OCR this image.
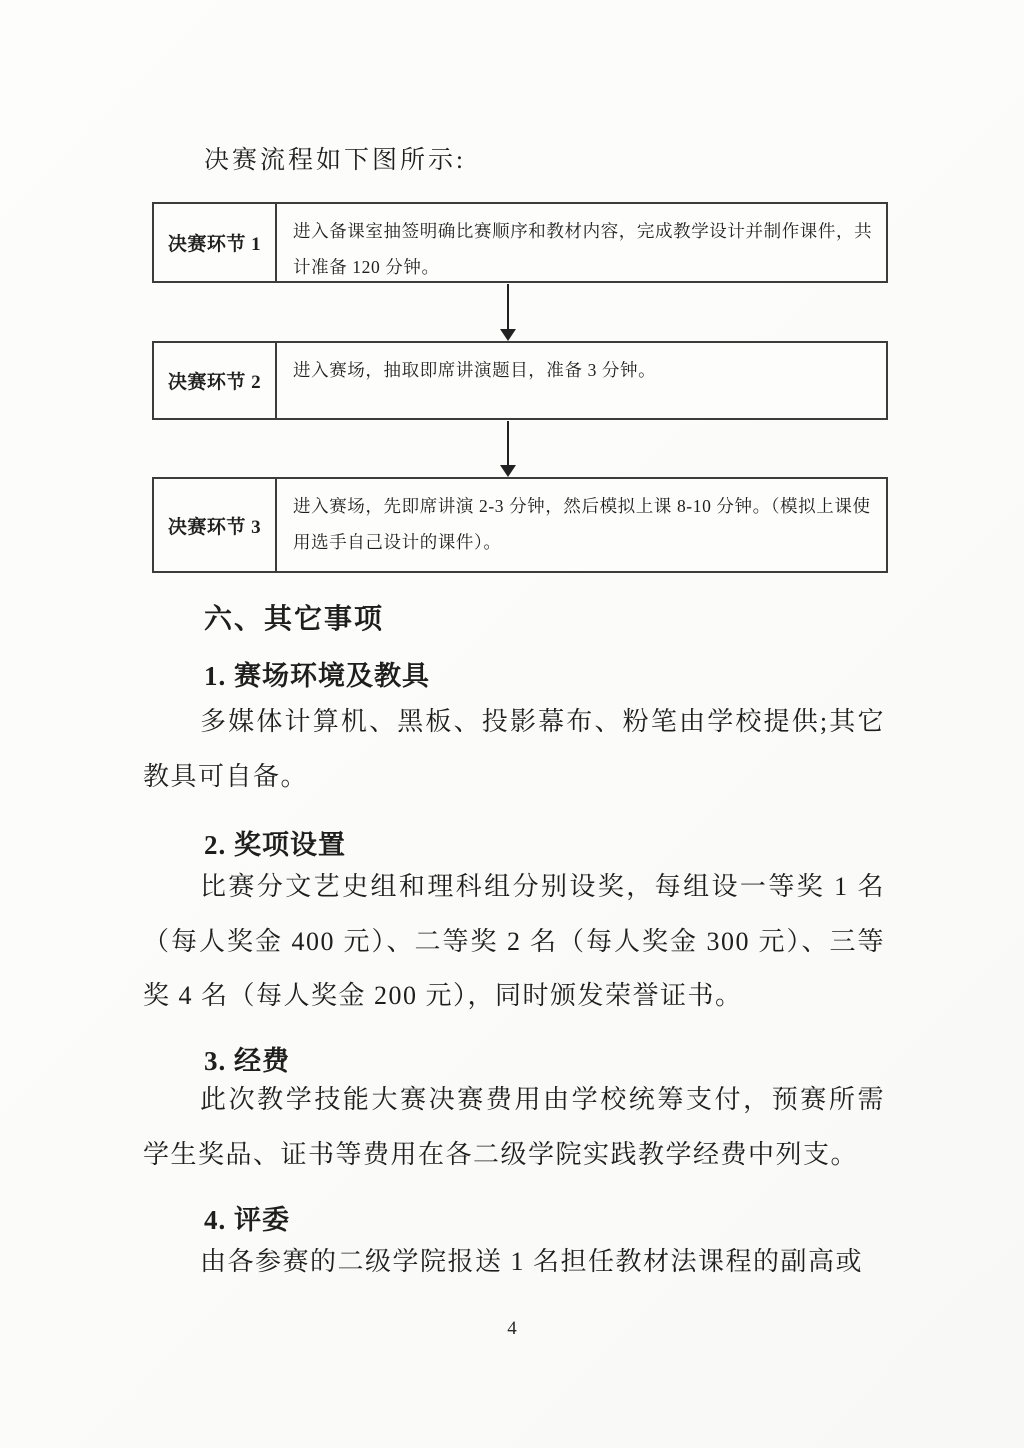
决赛流程如下图所示:

决赛环节 1
进入备课室抽签明确比赛顺序和教材内容，完成教学设计并制作课件，共计准备 120 分钟。
决赛环节 2
进入赛场，抽取即席讲演题目，准备 3 分钟。
决赛环节 3
进入赛场，先即席讲演 2-3 分钟，然后模拟上课 8-10 分钟。（模拟上课使用选手自己设计的课件）。
六、其它事项
1. 赛场环境及教具

多媒体计算机、黑板、投影幕布、粉笔由学校提供;其它教具可自备。

2. 奖项设置

比赛分文艺史组和理科组分别设奖，每组设一等奖 1 名（每人奖金 400 元）、二等奖 2 名（每人奖金 300 元）、三等奖 4 名（每人奖金 200 元），同时颁发荣誉证书。

3. 经费

此次教学技能大赛决赛费用由学校统筹支付，预赛所需学生奖品、证书等费用在各二级学院实践教学经费中列支。

4. 评委

由各参赛的二级学院报送 1 名担任教材法课程的副高或

4
